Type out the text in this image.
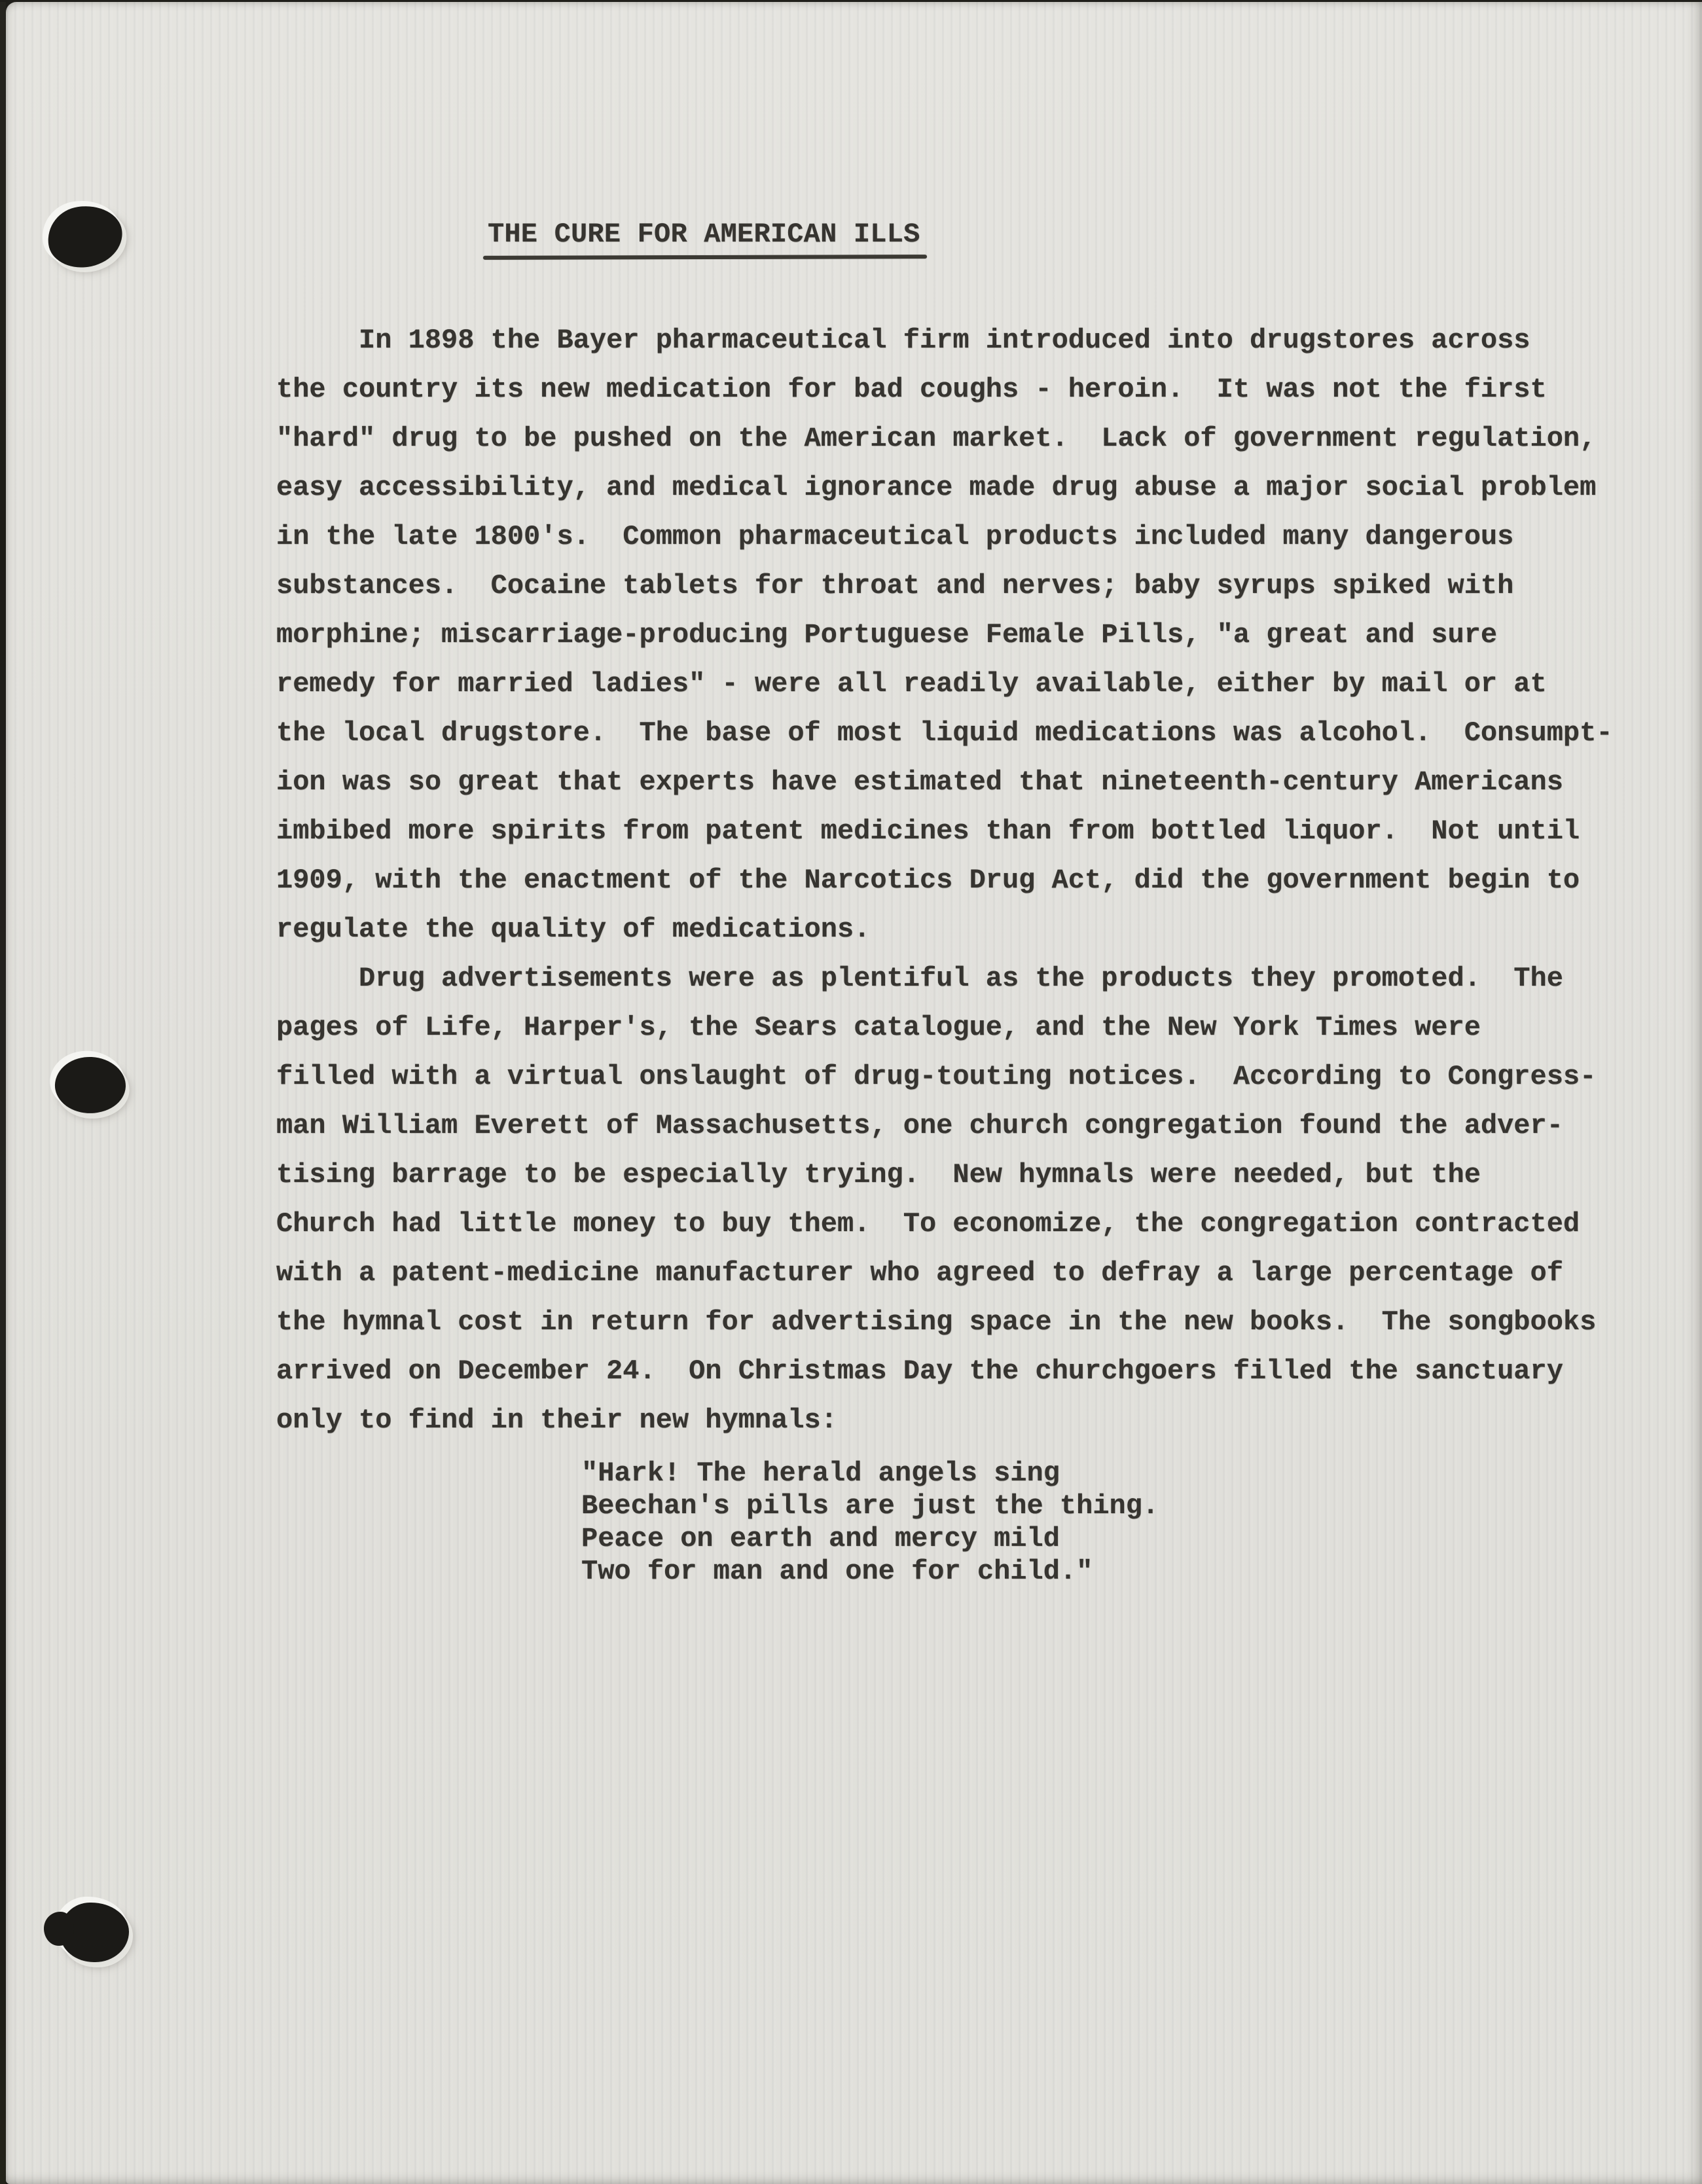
THE CURE FOR AMERICAN ILLS
In 1898 the Bayer pharmaceutical firm introduced into drugstores across
the country its new medication for bad coughs - heroin.  It was not the first
"hard" drug to be pushed on the American market.  Lack of government regulation,
easy accessibility, and medical ignorance made drug abuse a major social problem
in the late 1800's.  Common pharmaceutical products included many dangerous
substances.  Cocaine tablets for throat and nerves; baby syrups spiked with
morphine; miscarriage-producing Portuguese Female Pills, "a great and sure
remedy for married ladies" - were all readily available, either by mail or at
the local drugstore.  The base of most liquid medications was alcohol.  Consumpt-
ion was so great that experts have estimated that nineteenth-century Americans
imbibed more spirits from patent medicines than from bottled liquor.  Not until
1909, with the enactment of the Narcotics Drug Act, did the government begin to
regulate the quality of medications.
Drug advertisements were as plentiful as the products they promoted.  The
pages of Life, Harper's, the Sears catalogue, and the New York Times were
filled with a virtual onslaught of drug-touting notices.  According to Congress-
man William Everett of Massachusetts, one church congregation found the adver-
tising barrage to be especially trying.  New hymnals were needed, but the
Church had little money to buy them.  To economize, the congregation contracted
with a patent-medicine manufacturer who agreed to defray a large percentage of
the hymnal cost in return for advertising space in the new books.  The songbooks
arrived on December 24.  On Christmas Day the churchgoers filled the sanctuary
only to find in their new hymnals:
"Hark! The herald angels sing
Beechan's pills are just the thing.
Peace on earth and mercy mild
Two for man and one for child."
